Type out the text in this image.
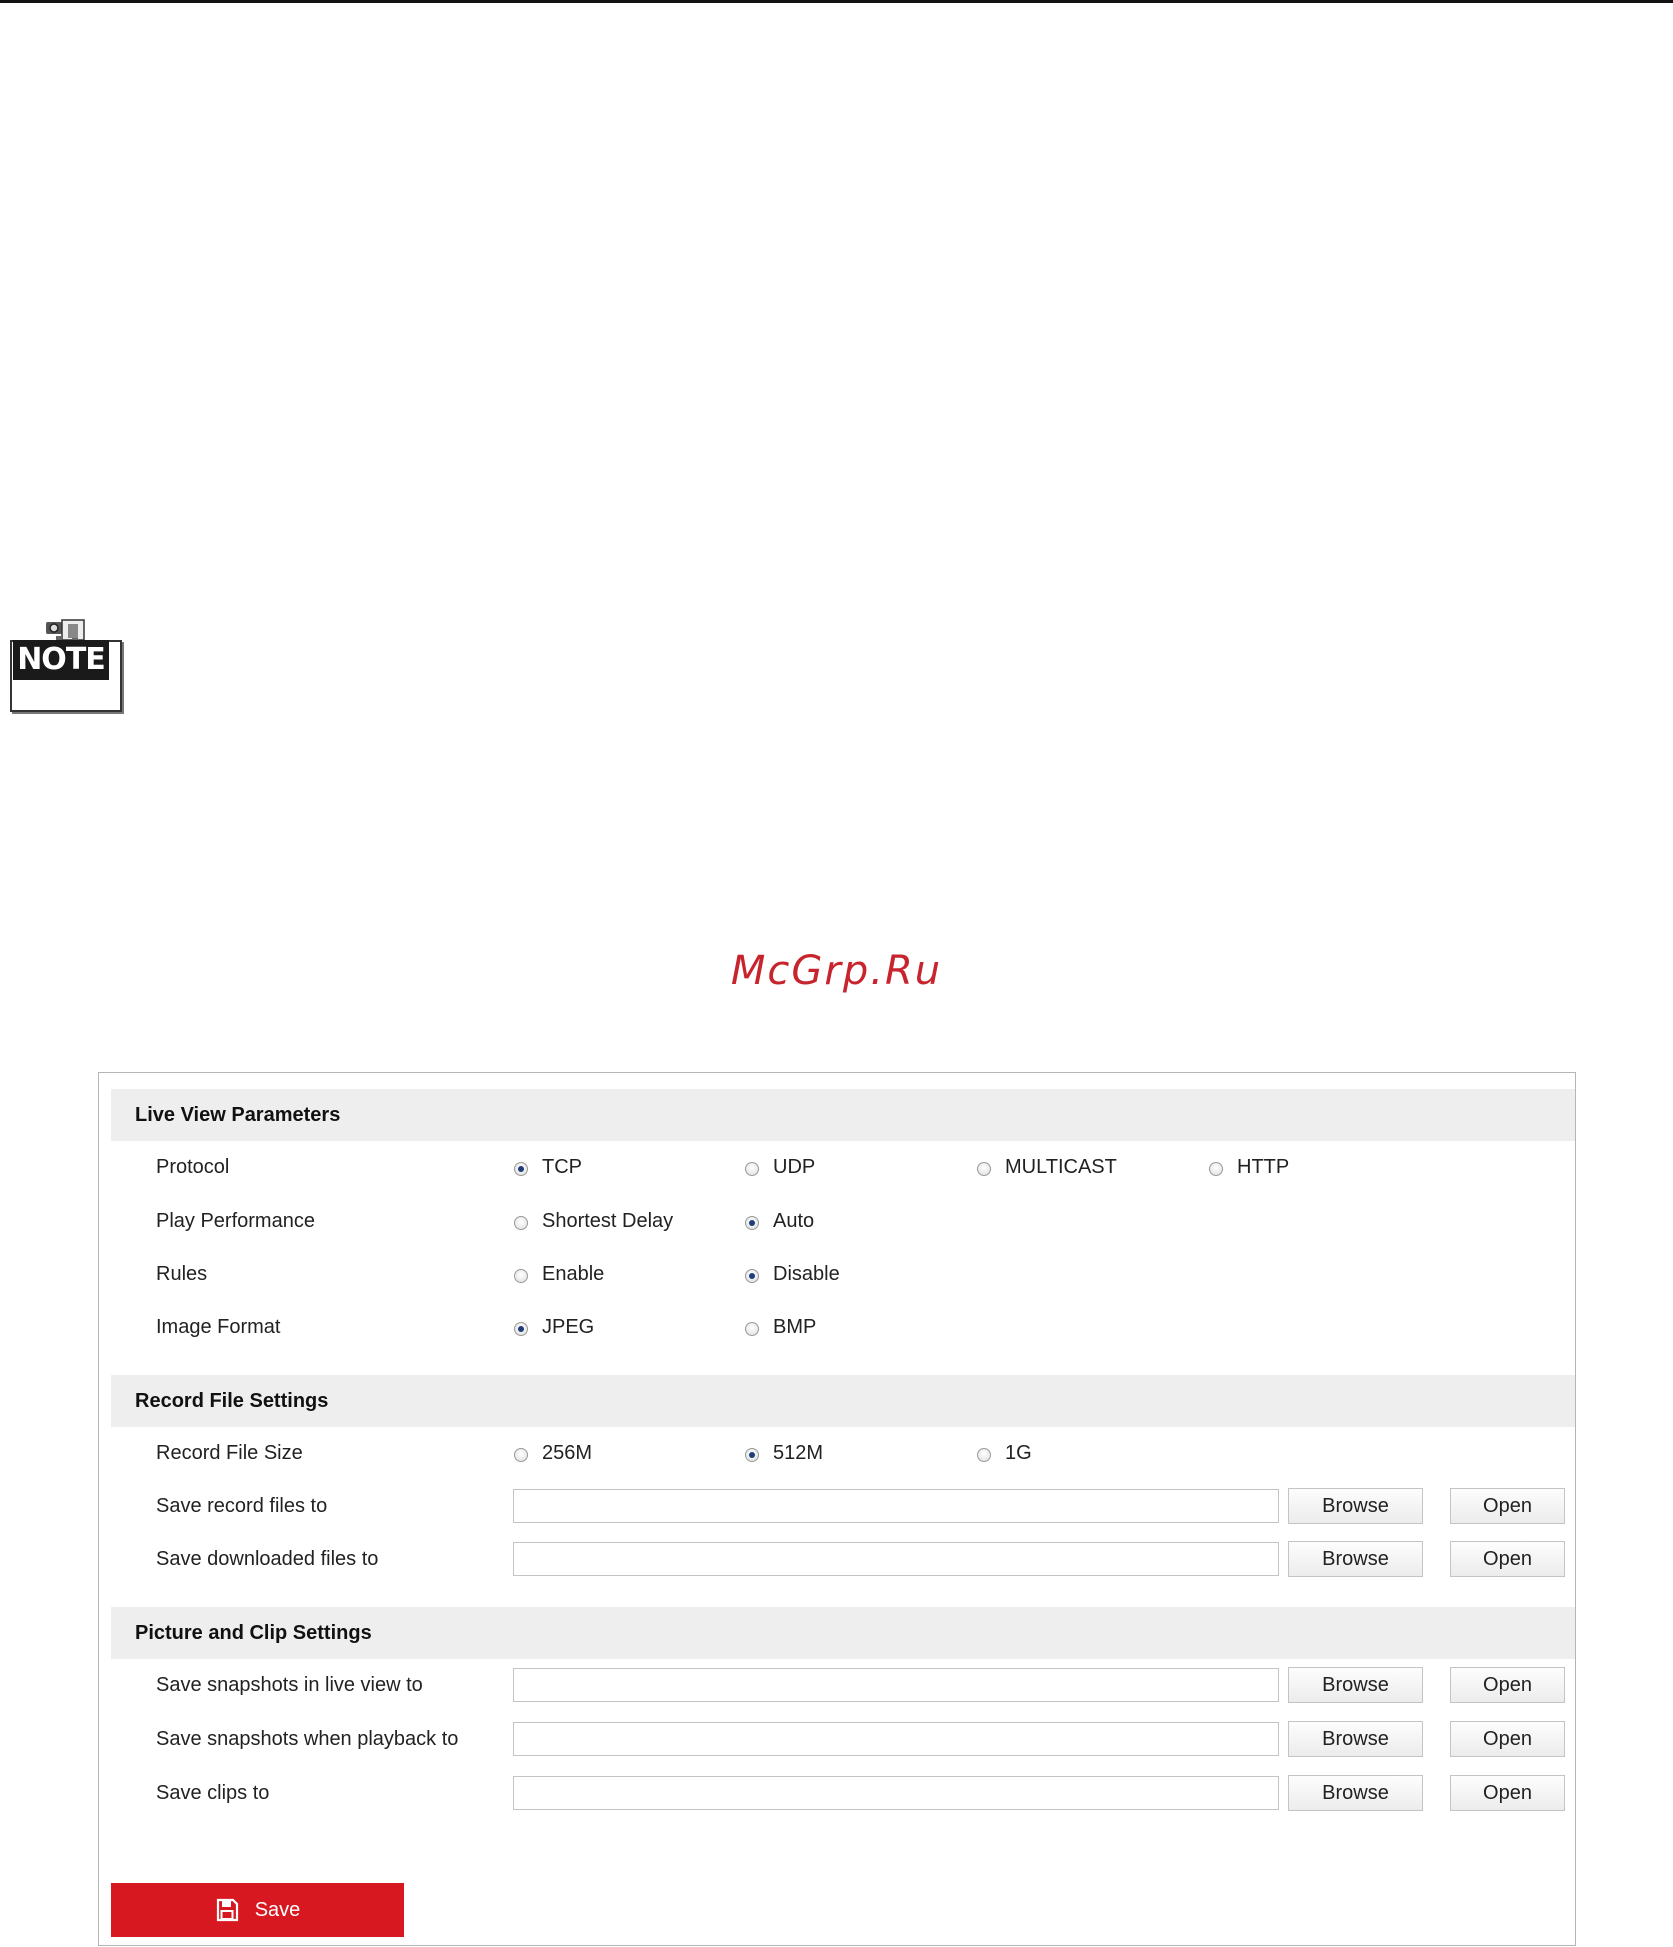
NOTE
McGrp.Ru
Live View Parameters
Protocol	TCP	UDP	MULTICAST	HTTP
Play Performance	Shortest Delay	Auto
Rules	Enable	Disable
Image Format	JPEG	BMP
Record File Settings
Record File Size	256M	512M	1G
Save record files to	Browse	Open
Save downloaded files to	Browse	Open
Picture and Clip Settings
Save snapshots in live view to	Browse	Open
Save snapshots when playback to	Browse	Open
Save clips to	Browse	Open
Save
